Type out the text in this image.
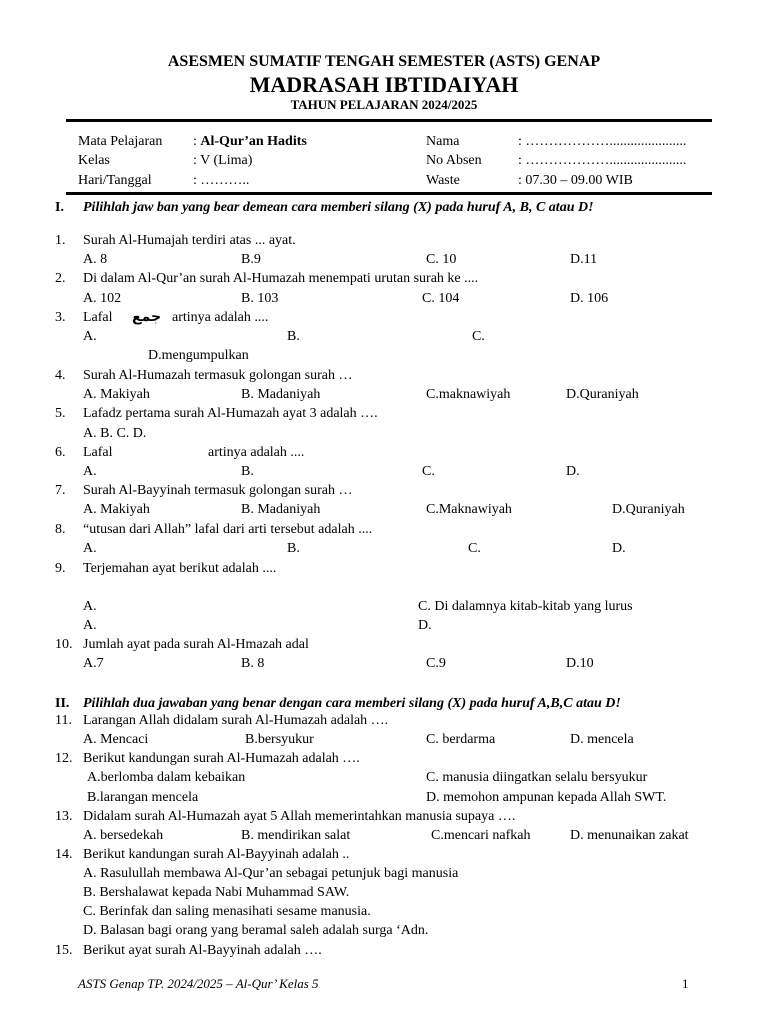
ASESMEN SUMATIF TENGAH SEMESTER (ASTS) GENAP
MADRASAH IBTIDAIYAH
TAHUN PELAJARAN 2024/2025
Mata Pelajaran : Al-Qur’an Hadits
Kelas	: V (Lima)
Hari/Tanggal	: ………..
Nama	: ………………......................
No Absen	: ………………......................
Waste	: 07.30 – 09.00 WIB
I. Pilihlah jaw ban yang bear demean cara memberi silang (X) pada huruf A, B, C atau D!
1. Surah Al-Humajah terdiri atas ... ayat.
A. 8	B.9	C. 10	D.11
2. Di dalam Al-Qur’an surah Al-Humazah menempati urutan surah ke ....
A. 102	B. 103	C. 104	D. 106
3. Lafal جمع artinya adalah ....
A.	B.	C.
D.mengumpulkan
4. Surah Al-Humazah termasuk golongan surah …
A. Makiyah	B. Madaniyah	C.maknawiyah	D.Quraniyah
5. Lafadz pertama surah Al-Humazah ayat 3 adalah ….
A. B. C. D.
6. Lafal	artinya adalah ....
A.	B.	C.	D.
7. Surah Al-Bayyinah termasuk golongan surah …
A. Makiyah	B. Madaniyah	C.Maknawiyah	D.Quraniyah
8. “utusan dari Allah” lafal dari arti tersebut adalah ....
A.	B.	C.	D.
9. Terjemahan ayat berikut adalah ....
A.	C. Di dalamnya kitab-kitab yang lurus
A.	D.
10. Jumlah ayat pada surah Al-Hmazah adal
A.7	B. 8	C.9	D.10
II. Pilihlah dua jawaban yang benar dengan cara memberi silang (X) pada huruf A,B,C atau D!
11. Larangan Allah didalam surah Al-Humazah adalah ….
A. Mencaci	B.bersyukur	C. berdarma	D. mencela
12. Berikut kandungan surah Al-Humazah adalah ….
A.berlomba dalam kebaikan	C. manusia diingatkan selalu bersyukur
B.larangan mencela	D. memohon ampunan kepada Allah SWT.
13. Didalam surah Al-Humazah ayat 5 Allah memerintahkan manusia supaya ….
A. bersedekah	B. mendirikan salat	C.mencari nafkah	D. menunaikan zakat
14. Berikut kandungan surah Al-Bayyinah adalah ..
A. Rasulullah membawa Al-Qur’an sebagai petunjuk bagi manusia
B. Bershalawat kepada Nabi Muhammad SAW.
C. Berinfak dan saling menasihati sesame manusia.
D. Balasan bagi orang yang beramal saleh adalah surga ‘Adn.
15. Berikut ayat surah Al-Bayyinah adalah ….
ASTS Genap TP. 2024/2025 – Al-Qur’ Kelas 5	1
